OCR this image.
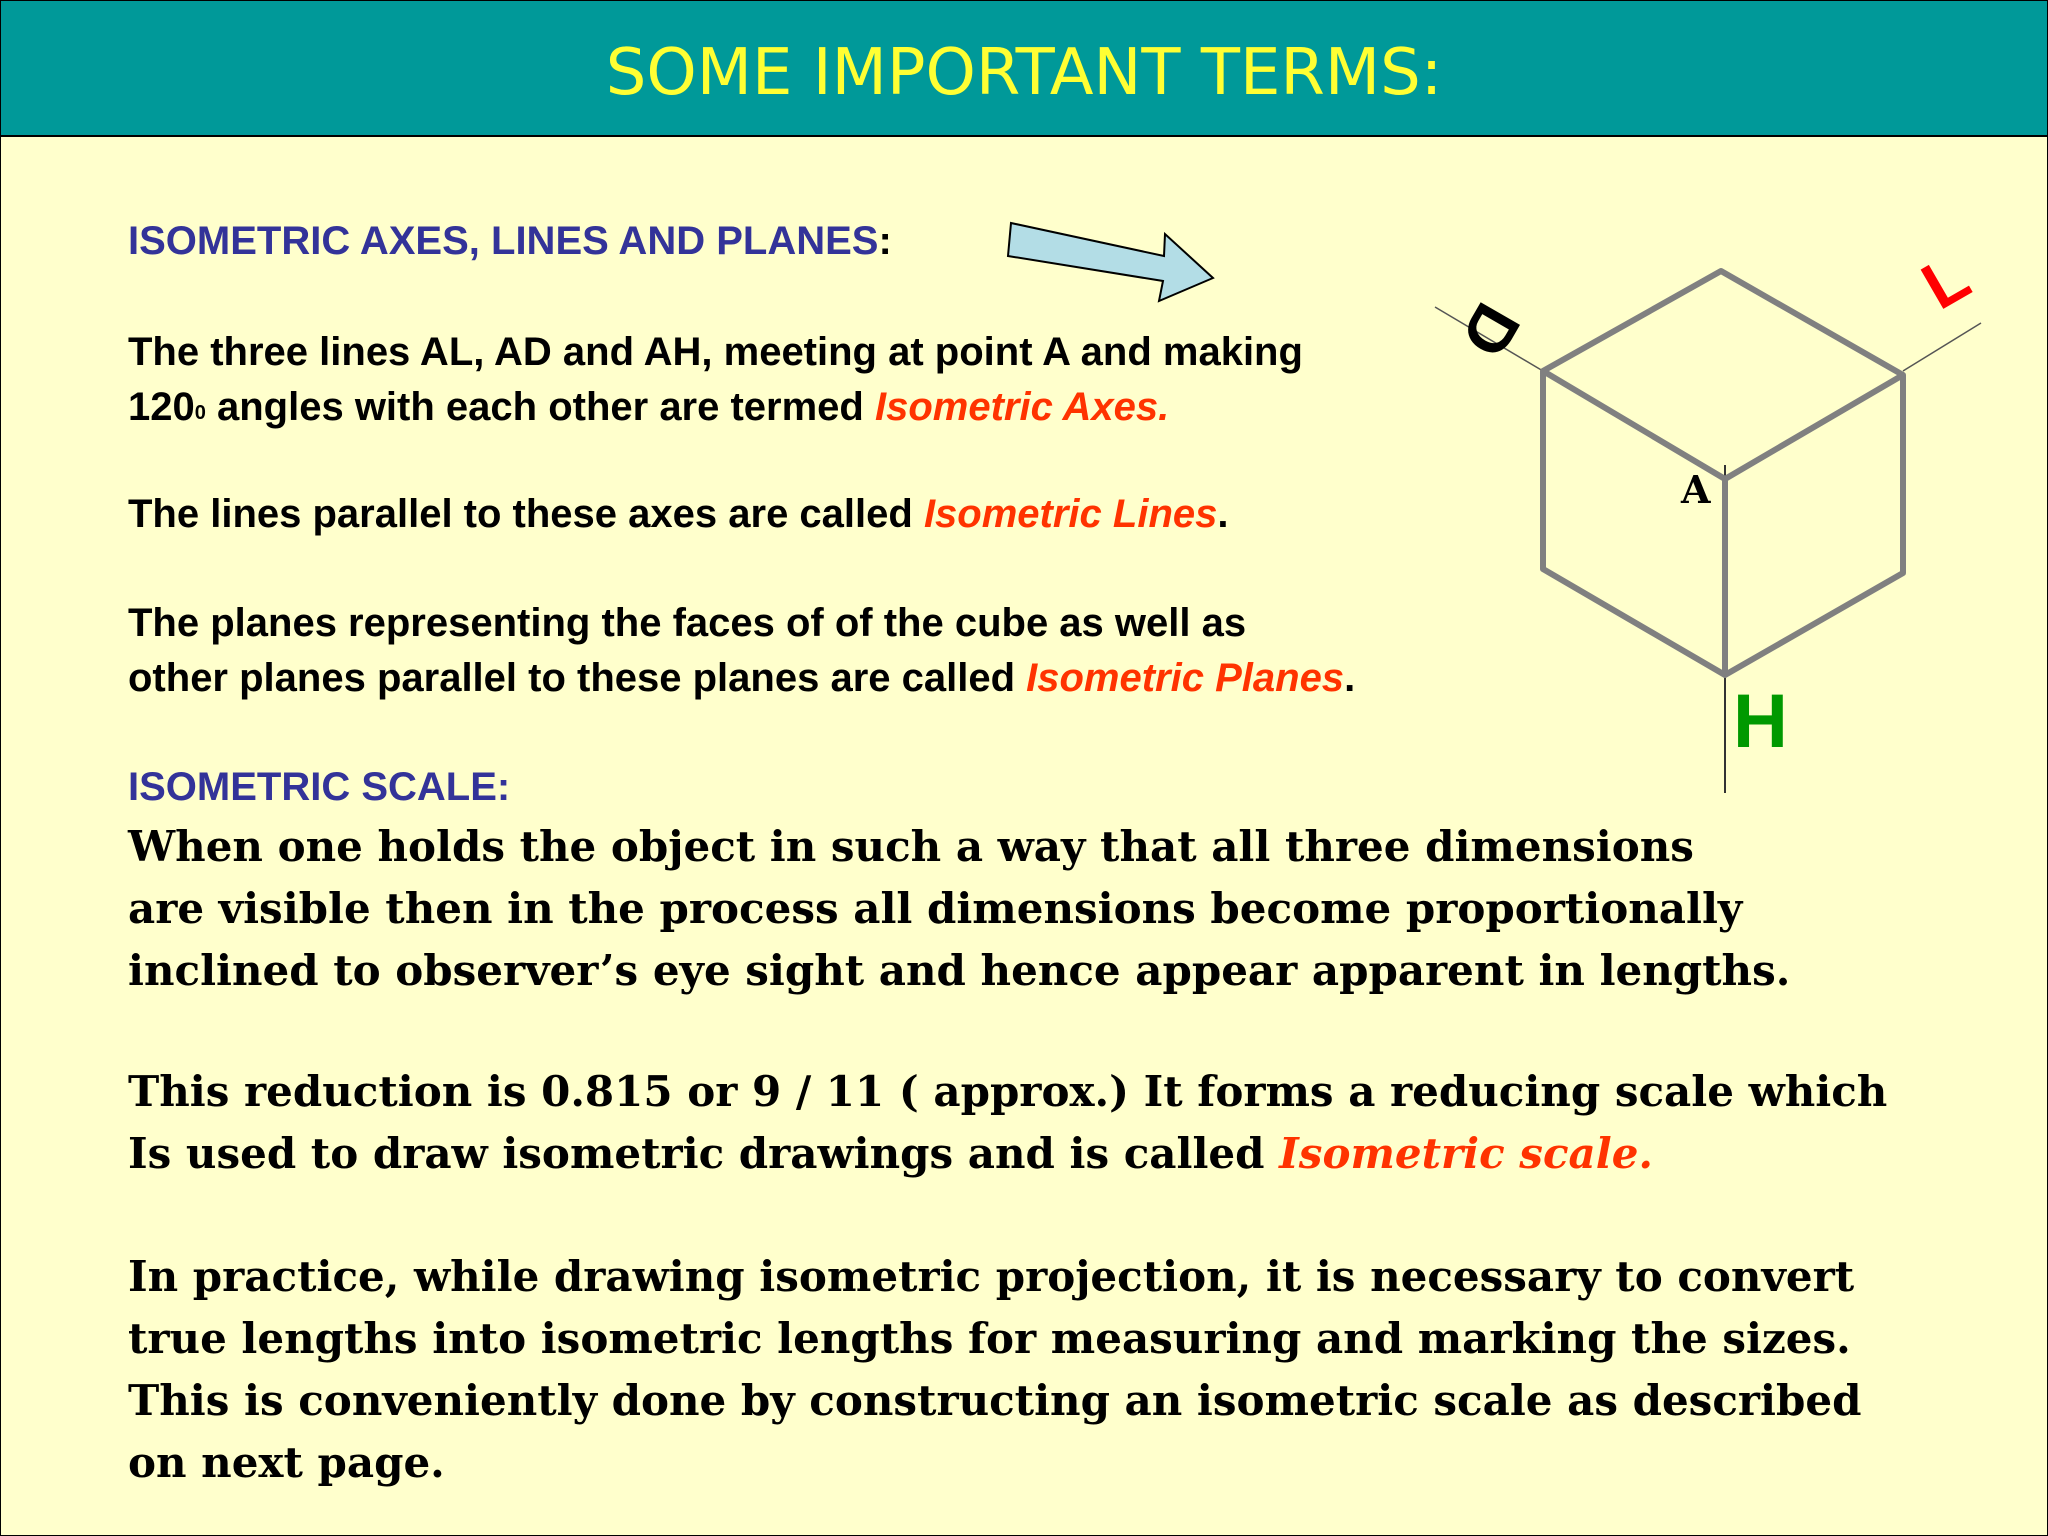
SOME IMPORTANT TERMS:
ISOMETRIC AXES, LINES AND PLANES:
The three lines AL, AD and AH, meeting at point A and making
$120^0$ angles with each other are termed Isometric Axes.
The lines parallel to these axes are called Isometric Lines.
The planes representing the faces of of the cube as well as
other planes parallel to these planes are called Isometric Planes.
ISOMETRIC SCALE:
When one holds the object in such a way that all three dimensions
are visible then in the process all dimensions become proportionally
inclined to observer’s eye sight and hence appear apparent in lengths.
This reduction is 0.815 or 9 / 11 ( approx.) It forms a reducing scale which
Is used to draw isometric drawings and is called Isometric scale.
In practice, while drawing isometric projection, it is necessary to convert
true lengths into isometric lengths for measuring and marking the sizes.
This is conveniently done by constructing an isometric scale as described
on next page.
A
D
L
H
